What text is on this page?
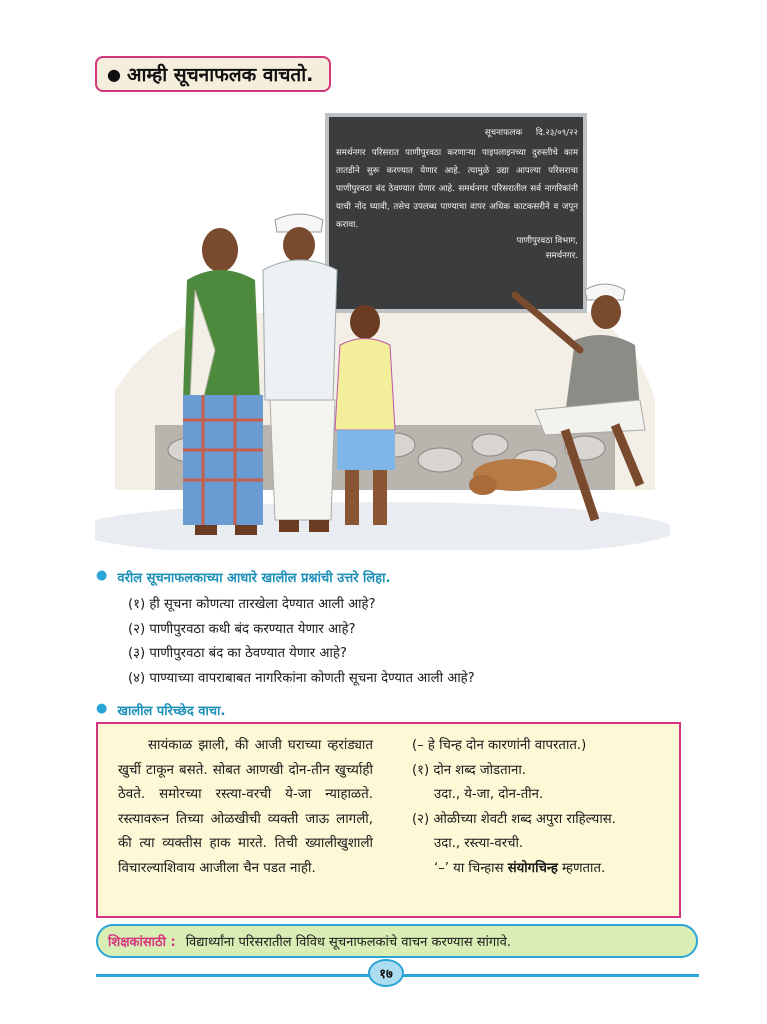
● आम्ही सूचनाफलक वाचतो.
सूचनाफलक दि.२३/०९/२२
समर्थनगर परिसरात पाणीपुरवठा करणाऱ्या पाइपलाइनच्या दुरुस्तीचे काम तातडीने सुरू करण्यात येणार आहे. त्यामुळे उद्या आपल्या परिसराचा पाणीपुरवठा बंद ठेवण्यात येणार आहे. समर्थनगर परिसरातील सर्व नागरिकांनी याची नोंद घ्यावी, तसेच उपलब्ध पाण्याचा वापर अधिक काटकसरीने व जपून करावा.
पाणीपुरवठा विभाग,
समर्थनगर.
● वरील सूचनाफलकाच्या आधारे खालील प्रश्नांची उत्तरे लिहा.
(१) ही सूचना कोणत्या तारखेला देण्यात आली आहे?
(२) पाणीपुरवठा कधी बंद करण्यात येणार आहे?
(३) पाणीपुरवठा बंद का ठेवण्यात येणार आहे?
(४) पाण्याच्या वापराबाबत नागरिकांना कोणती सूचना देण्यात आली आहे?
● खालील परिच्छेद वाचा.
सायंकाळ झाली, की आजी घराच्या व्हरांड्यात खुर्ची टाकून बसते. सोबत आणखी दोन-तीन खुर्च्याही ठेवते. समोरच्या रस्त्या-वरची ये-जा न्याहाळते. रस्त्यावरून तिच्या ओळखीची व्यक्ती जाऊ लागली, की त्या व्यक्तीस हाक मारते. तिची ख्यालीखुशाली विचारल्याशिवाय आजीला चैन पडत नाही.
(– हे चिन्ह दोन कारणांनी वापरतात.)
(१) दोन शब्द जोडताना.
उदा., ये-जा, दोन-तीन.
(२) ओळीच्या शेवटी शब्द अपुरा राहिल्यास.
उदा., रस्त्या-वरची.
‘–’ या चिन्हास संयोगचिन्ह म्हणतात.
शिक्षकांसाठी : विद्यार्थ्यांना परिसरातील विविध सूचनाफलकांचे वाचन करण्यास सांगावे.
१७
